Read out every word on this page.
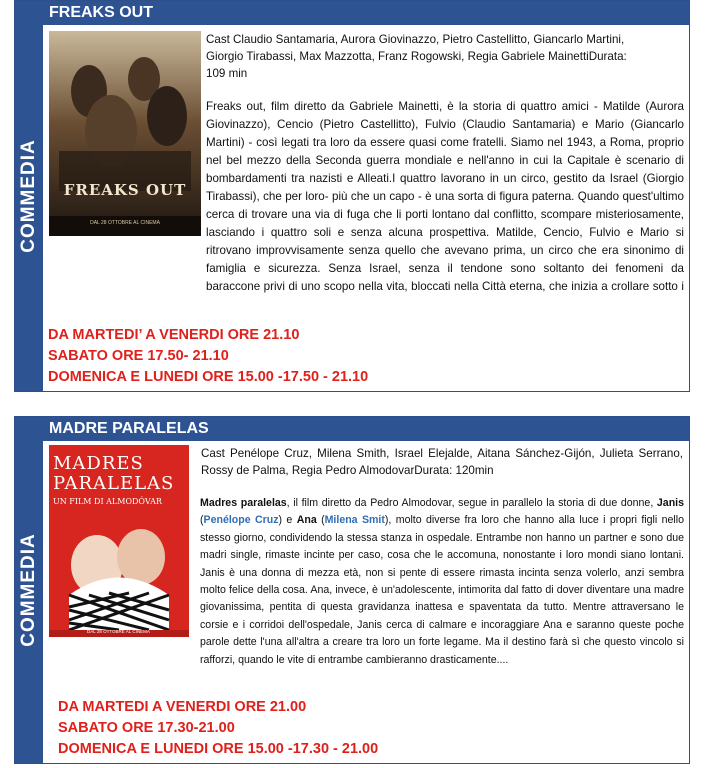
COMMEDIA
FREAKS OUT
FREAKS OUT
DAL 28 OTTOBRE AL CINEMA
Cast Claudio Santamaria, Aurora Giovinazzo, Pietro Castellitto, Giancarlo Martini, Giorgio Tirabassi, Max Mazzotta, Franz Rogowski, Regia Gabriele MainettiDurata: 109 min
Freaks out, film diretto da Gabriele Mainetti, è la storia di quattro amici - Matilde (Aurora Giovinazzo), Cencio (Pietro Castellitto), Fulvio (Claudio Santamaria) e Mario (Giancarlo Martini) - così legati tra loro da essere quasi come fratelli. Siamo nel 1943, a Roma, proprio nel bel mezzo della Seconda guerra mondiale e nell'anno in cui la Capitale è scenario di bombardamenti tra nazisti e Alleati.I quattro lavorano in un circo, gestito da Israel (Giorgio Tirabassi), che per loro- più che un capo - è una sorta di figura paterna. Quando quest'ultimo cerca di trovare una via di fuga che li porti lontano dal conflitto, scompare misteriosamente,
lasciando i quattro soli e senza alcuna prospettiva. Matilde, Cencio, Fulvio e Mario si ritrovano improvvisamente senza quello che avevano prima, un circo che era sinonimo di famiglia e sicurezza. Senza Israel, senza il tendone sono soltanto dei fenomeni da baraccone privi di uno scopo nella vita, bloccati nella Città eterna, che inizia a crollare sotto i
DA MARTEDI’ A VENERDI ORE 21.10
SABATO ORE 17.50- 21.10
DOMENICA E LUNEDI ORE 15.00 -17.50 - 21.10
COMMEDIA
MADRE PARALELAS
MADRES
PARALELAS
UN FILM DI ALMODÓVAR
DAL 28 OTTOBRE AL CINEMA
Cast Penélope Cruz, Milena Smith, Israel Elejalde, Aitana Sánchez-Gijón, Julieta Serrano, Rossy de Palma, Regia Pedro AlmodovarDurata: 120min
Madres paralelas, il film diretto da Pedro Almodovar, segue in parallelo la storia di due donne, Janis (Penélope Cruz) e Ana (Milena Smit), molto diverse fra loro che hanno alla luce i propri figli nello stesso giorno, condividendo la stessa stanza in ospedale. Entrambe non hanno un partner e sono due madri single, rimaste incinte per caso, cosa che le accomuna, nonostante i loro mondi siano lontani. Janis è una donna di mezza età, non si pente di essere rimasta incinta senza volerlo, anzi sembra molto felice della cosa. Ana, invece, è un'adolescente, intimorita dal fatto di dover diventare una madre giovanissima, pentita di questa gravidanza inattesa e spaventata da tutto. Mentre attraversano le corsie e i corridoi dell'ospedale, Janis cerca di calmare e incoraggiare Ana e saranno queste poche
parole dette l'una all'altra a creare tra loro un forte legame. Ma il destino farà sì che questo vincolo si rafforzi, quando le vite di entrambe cambieranno drasticamente....
DA MARTEDI A VENERDI ORE 21.00
SABATO ORE 17.30-21.00
DOMENICA E LUNEDI ORE 15.00 -17.30 - 21.00
